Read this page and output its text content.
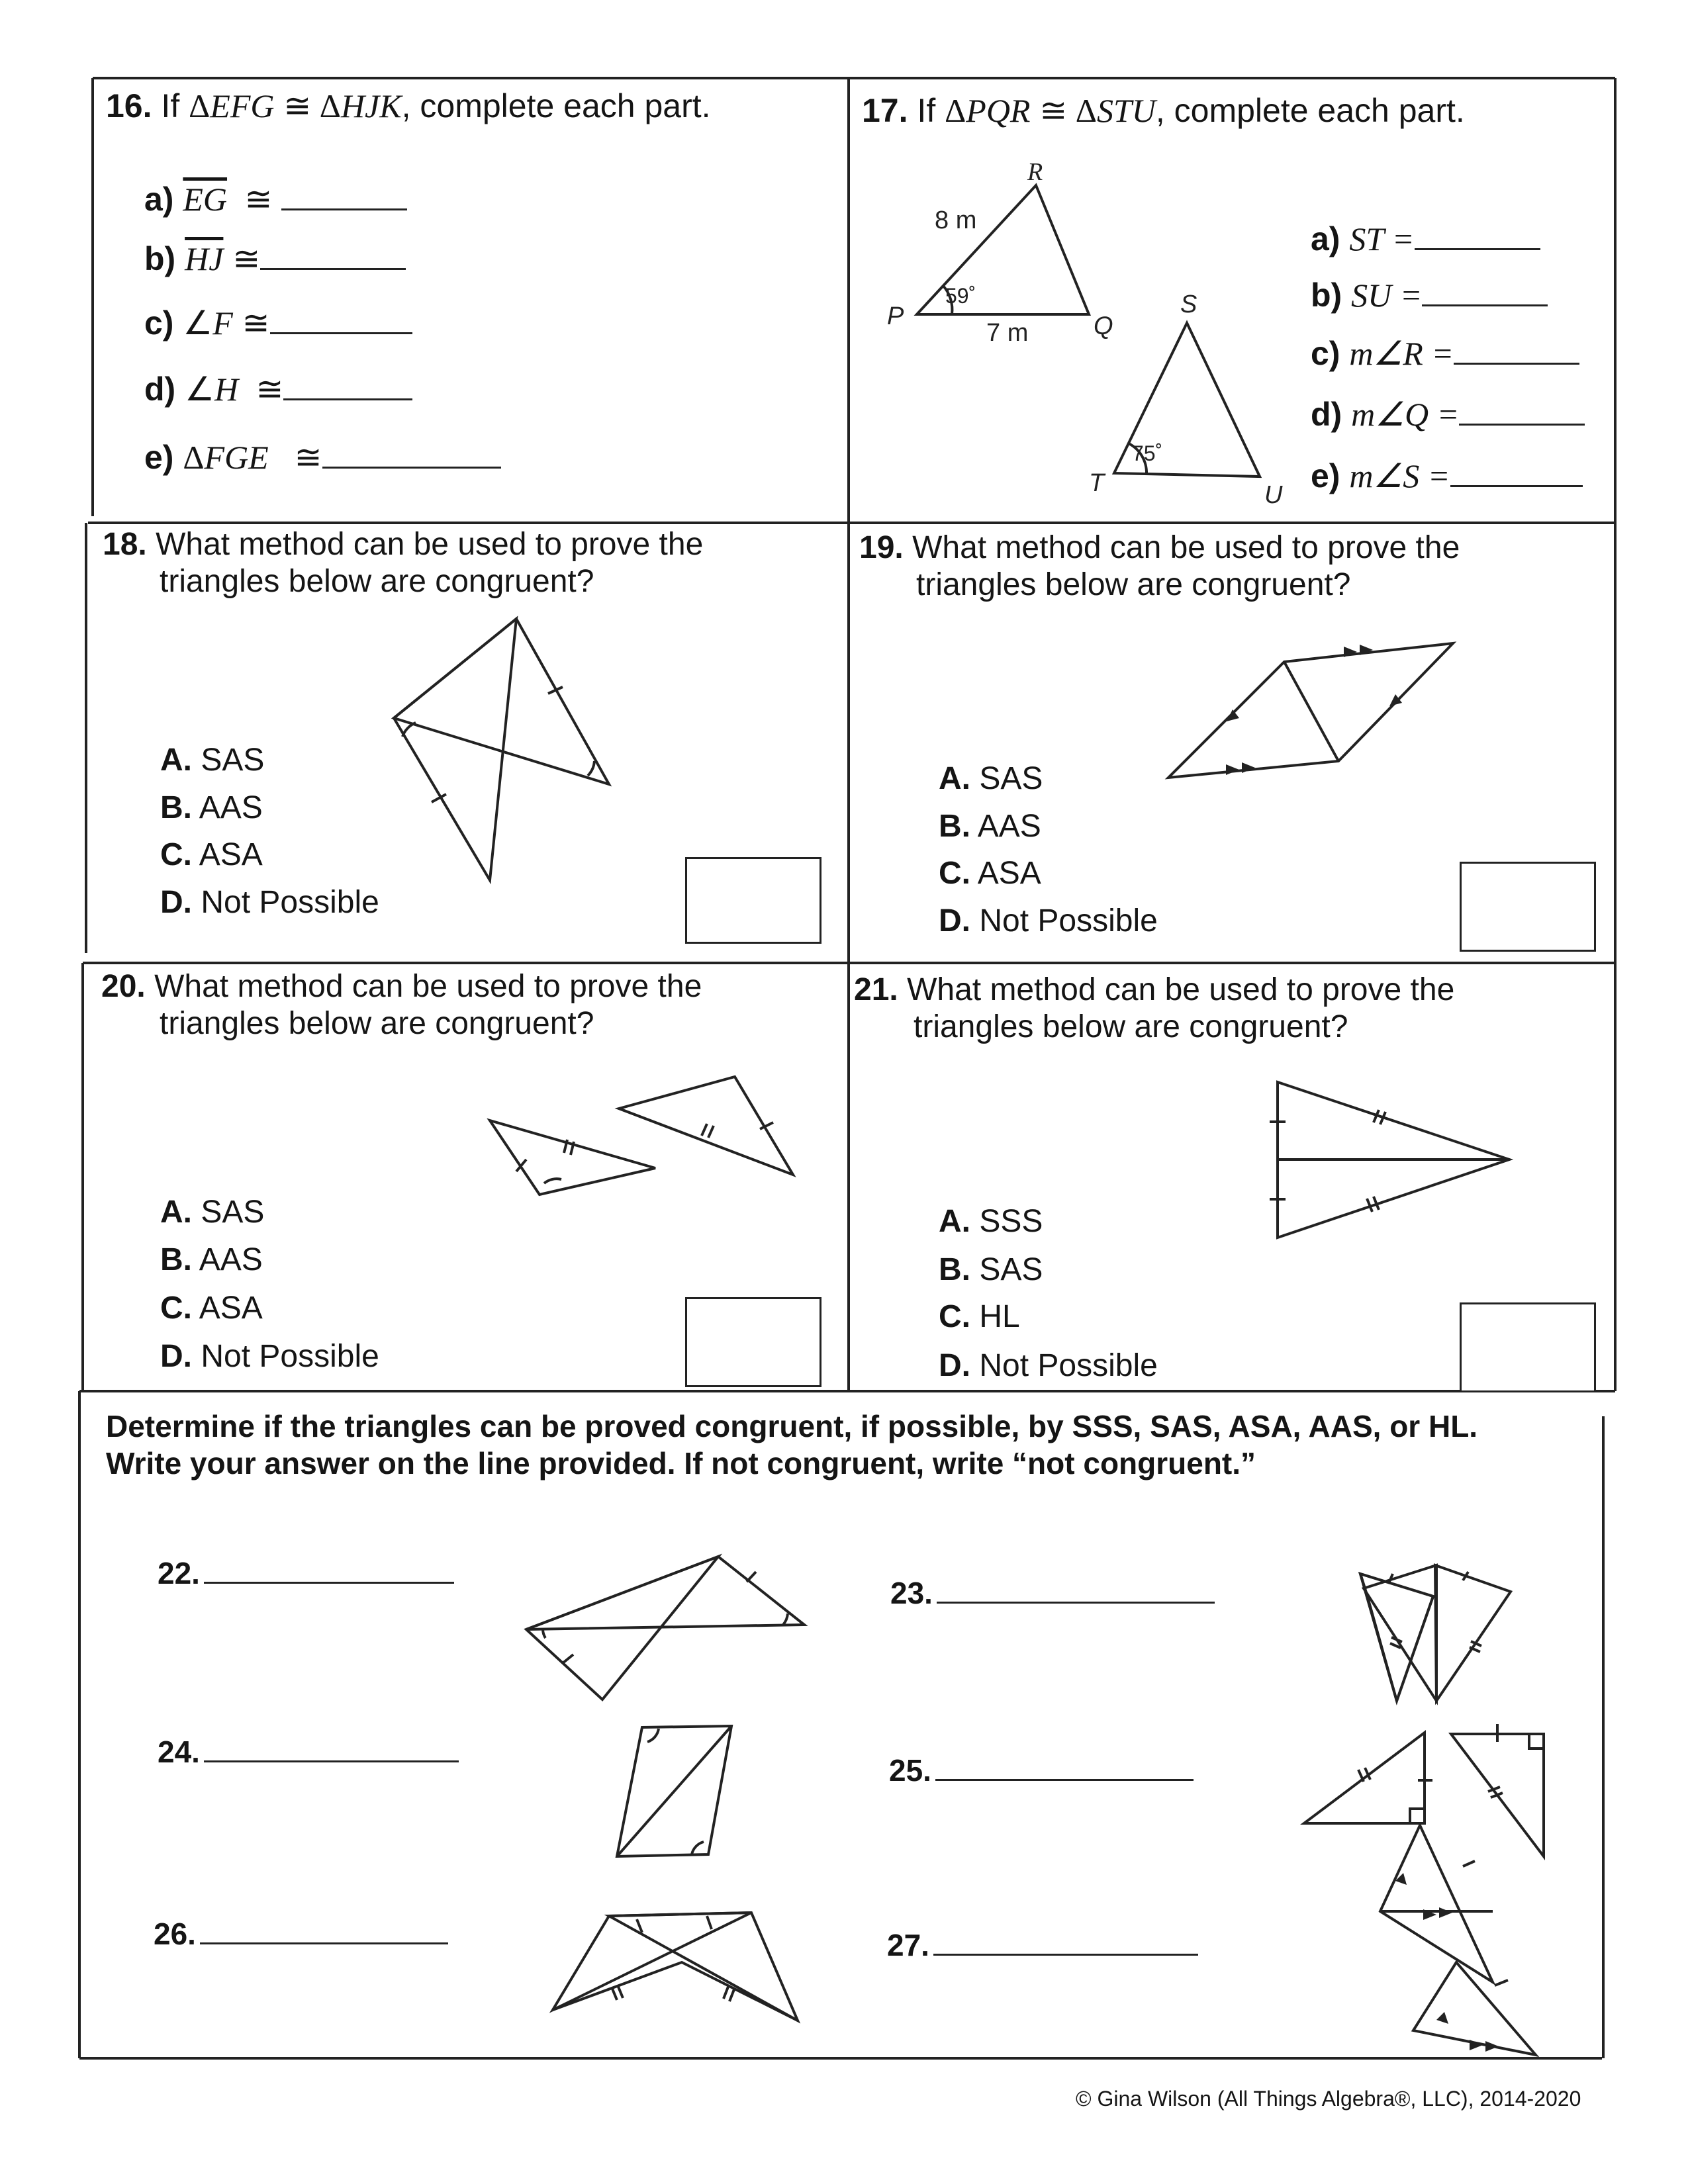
16. If ΔEFG ≅ ΔHJK, complete each part.
a) $\overline{EG}$  ≅
b) $\overline{HJ}$ ≅
c) ∠F ≅
d) ∠H  ≅
e) ΔFGE   ≅
17. If ΔPQR ≅ ΔSTU, complete each part.
R
P	Q
8 m
7 m
59˚	S
T	U
75˚
a) ST =
b) SU =
c) m∠R =
d) m∠Q =
e) m∠S =
18. What method can be used to prove the
triangles below are congruent?
A. SAS
B. AAS
C. ASA
D. Not Possible
19. What method can be used to prove the
triangles below are congruent?
A. SAS
B. AAS
C. ASA
D. Not Possible
20. What method can be used to prove the
triangles below are congruent?
A. SAS
B. AAS
C. ASA
D. Not Possible
21. What method can be used to prove the
triangles below are congruent?
A. SSS
B. SAS
C. HL
D. Not Possible
Determine if the triangles can be proved congruent, if possible, by SSS, SAS, ASA, AAS, or HL.
Write your answer on the line provided. If not congruent, write “not congruent.”
22.
23.
24.
25.
26.	27.
© Gina Wilson (All Things Algebra®, LLC), 2014-2020
